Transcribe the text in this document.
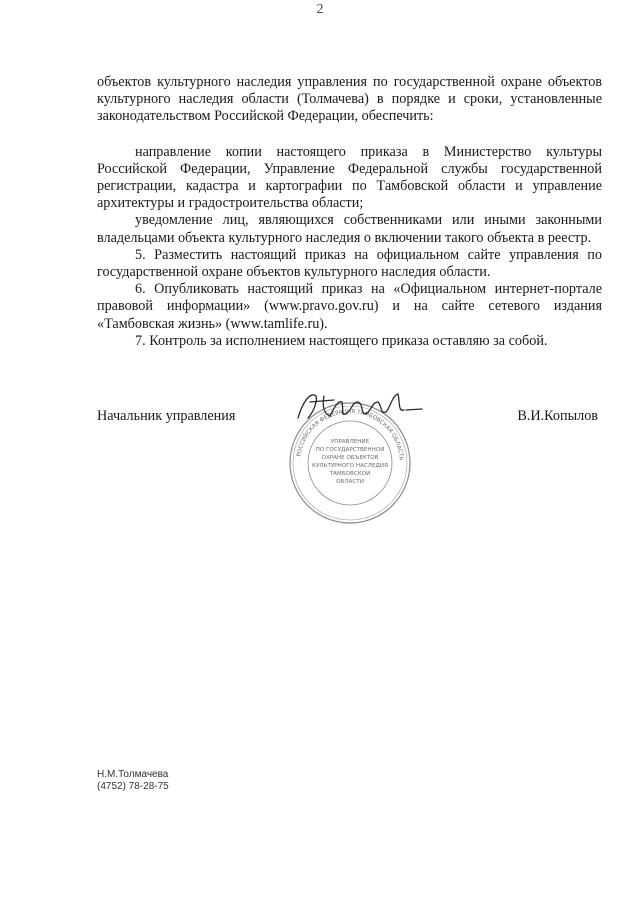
2

объектов культурного наследия управления по государственной охране объектов культурного наследия области (Толмачева) в порядке и сроки, установленные законодательством Российской Федерации, обеспечить:

направление копии настоящего приказа в Министерство культуры Российской Федерации, Управление Федеральной службы государственной регистрации, кадастра и картографии по Тамбовской области и управление архитектуры и градостроительства области;

уведомление лиц, являющихся собственниками или иными законными владельцами объекта культурного наследия о включении такого объекта в реестр.

5. Разместить настоящий приказ на официальном сайте управления по государственной охране объектов культурного наследия области.

6. Опубликовать настоящий приказ на «Официальном интернет-портале правовой информации» (www.pravo.gov.ru) и на сайте сетевого издания «Тамбовская жизнь» (www.tamlife.ru).

7. Контроль за исполнением настоящего приказа оставляю за собой.

РОССИЙСКАЯ ФЕДЕРАЦИЯ ТАМБОВСКАЯ ОБЛАСТЬ
УПРАВЛЕНИЕ
ПО ГОСУДАРСТВЕННОЙ
ОХРАНЕ ОБЪЕКТОВ
КУЛЬТУРНОГО НАСЛЕДИЯ
ТАМБОВСКОЙ
ОБЛАСТИ
Начальник управления	В.И.Копылов
Н.М.Толмачева
(4752) 78-28-75
